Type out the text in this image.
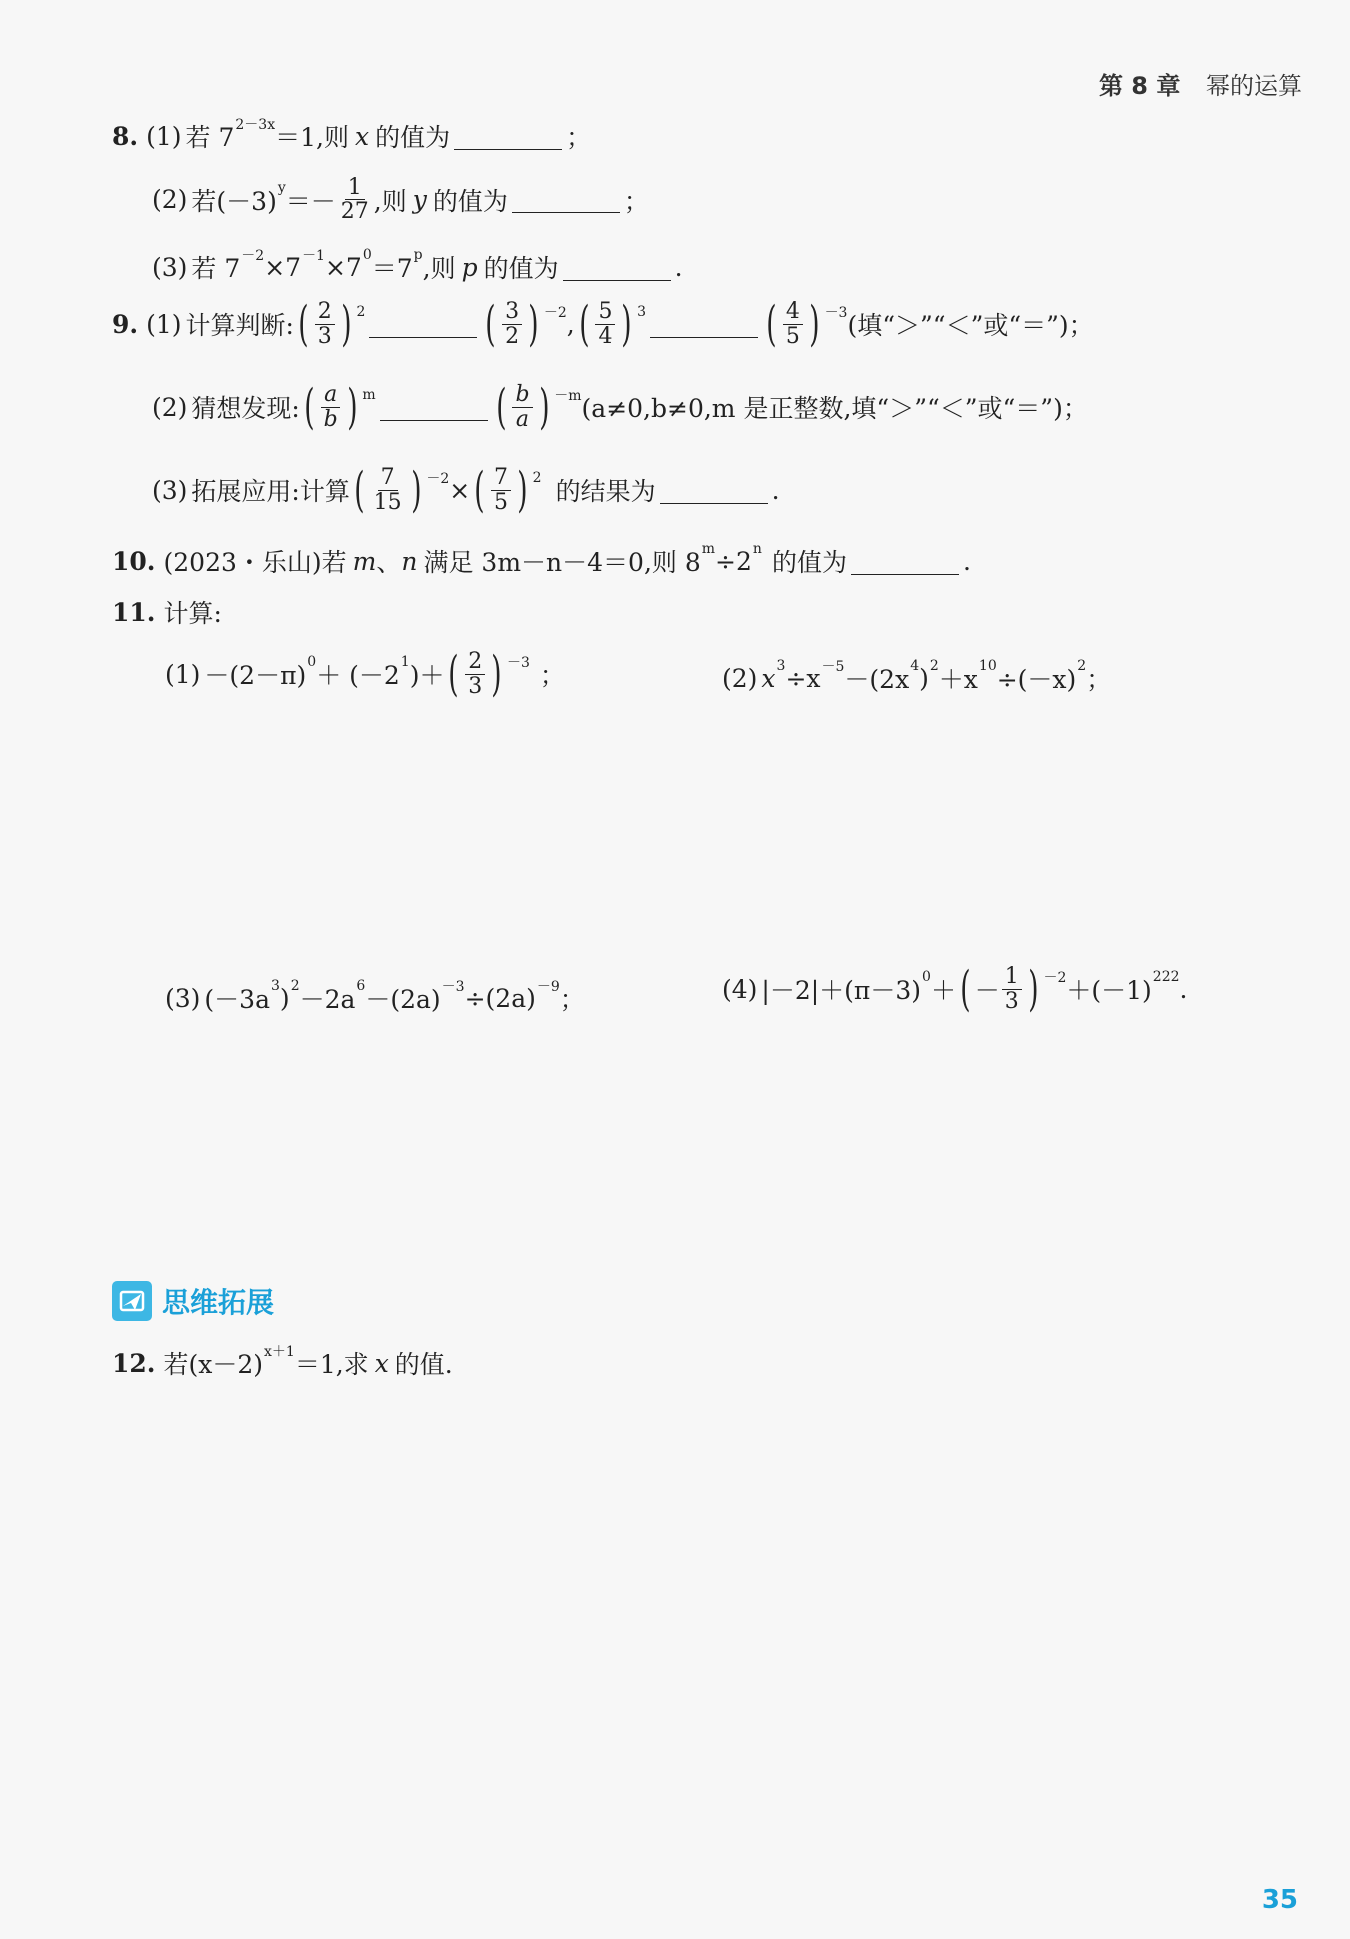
第 8 章 幂的运算
8. (1) 若 $7^{2-3x} =1$,则 x 的值为	；
(2) 若$(-3)^y =- \frac{1}{27}$ ,则 y 的值为	；
(3) 若 $7^{-2} \times 7^{-1} \times 7^0 =7^p$ ,则 p 的值为	.
9. (1) 计算判断: ( $\frac{2}{3}$ ) $^2$	( $\frac{3}{2}$ ) $^{-2}$ , ( $\frac{5}{4}$ ) $^3$	( $\frac{4}{5}$ ) $^{-3}$ (填“＞”“＜”或“＝”)；
(2) 猜想发现: ( $\frac{a}{b}$ ) $^m$	( $\frac{b}{a}$ ) $^{-m}$ (a≠0,b≠0,m 是正整数,填“＞”“＜”或“＝”)；
(3) 拓展应用:计算 ( $\frac{7}{15}$ ) $^{-2}$ × ( $\frac{7}{5}$ ) $^2$ 的结果为	.
10. (2023・乐山)若 m 、 n 满足 3m－n－4＝0,则 $8^m \div 2^n$ 的值为	.
11. 计算:
$(1) -(2-\pi)^0 + (-2^1$ )＋ ( $\frac{2}{3}$ ) $^{-3}$ ；	(2) $x^3 \div x^{-5} -(2x^4$ )$^2 +x^{10} \div(-x)^2$ ；
(3) ($-3a^3$ )$^2 -2a^6 -(2a)^{-3} \div(2a)^{-9}$ ；	(4) $|-2|+(\pi-3)^0$ ＋ ( － $\frac{1}{3}$ ) $^{-2} +(-1)^{222}$ .
思维拓展
12. 若$(x-2)^{x+1} =1$,求 x 的值.
35
